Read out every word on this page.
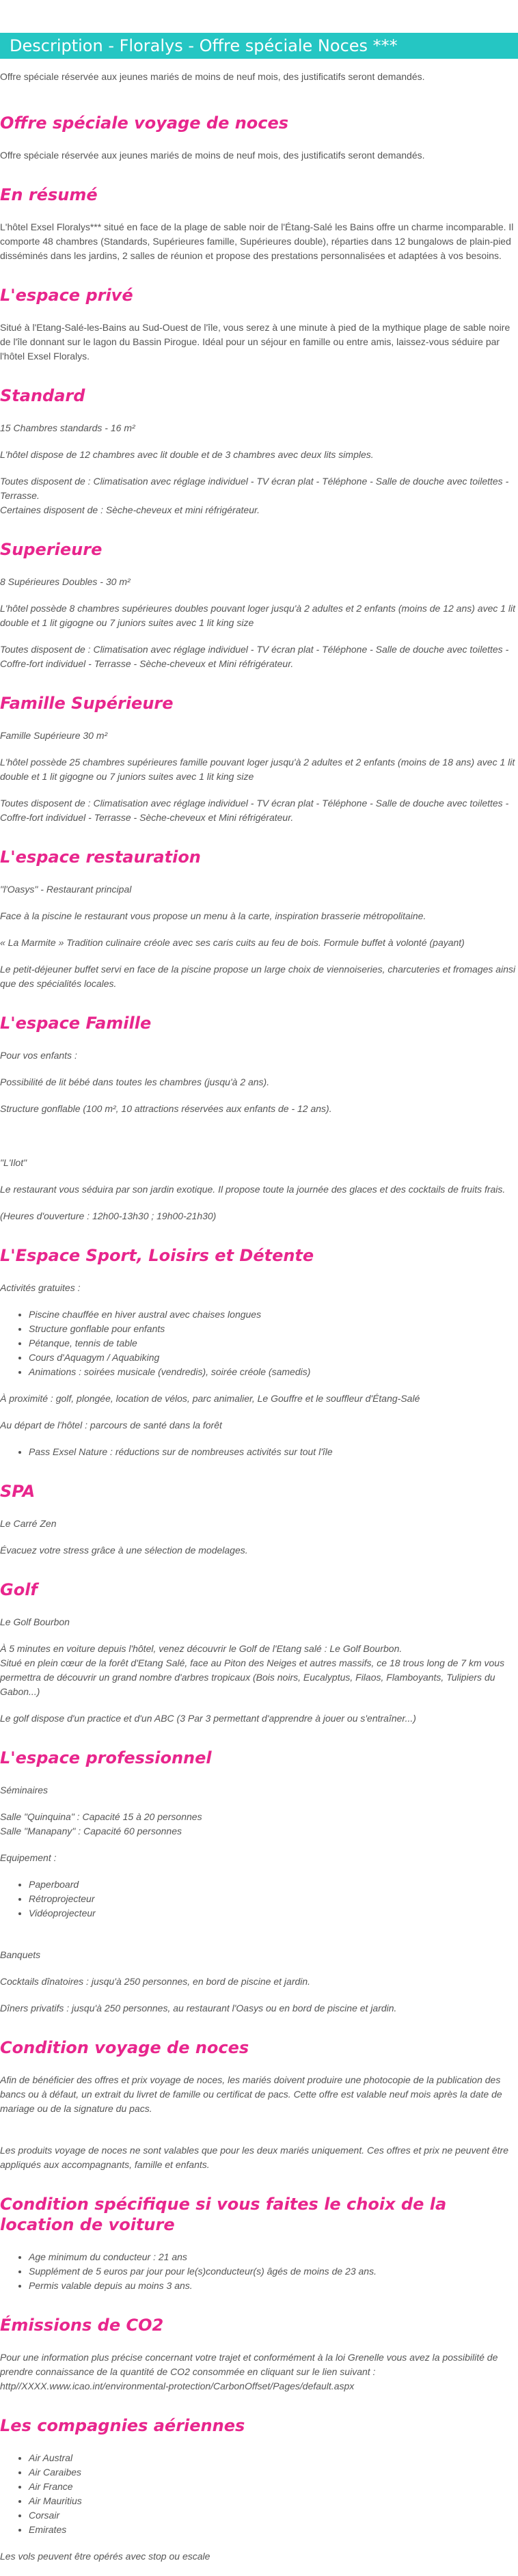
Description - Floralys - Offre spéciale Noces ***

Offre spéciale réservée aux jeunes mariés de moins de neuf mois, des justificatifs seront demandés.

Offre spéciale voyage de noces

Offre spéciale réservée aux jeunes mariés de moins de neuf mois, des justificatifs seront demandés.

En résumé

L'hôtel Exsel Floralys*** situé en face de la plage de sable noir de l'Étang-Salé les Bains offre un charme incomparable. Il comporte 48 chambres (Standards, Supérieures famille, Supérieures double), réparties dans 12 bungalows de plain-pied disséminés dans les jardins, 2 salles de réunion et propose des prestations personnalisées et adaptées à vos besoins.

L'espace privé

Situé à l'Etang-Salé-les-Bains au Sud-Ouest de l'île, vous serez à une minute à pied de la mythique plage de sable noire de l'île donnant sur le lagon du Bassin Pirogue. Idéal pour un séjour en famille ou entre amis, laissez-vous séduire par l'hôtel Exsel Floralys.

Standard

15 Chambres standards - 16 m²

L'hôtel dispose de 12 chambres avec lit double et de 3 chambres avec deux lits simples.

Toutes disposent de : Climatisation avec réglage individuel - TV écran plat - Téléphone - Salle de douche avec toilettes - Terrasse.

Certaines disposent de : Sèche-cheveux et mini réfrigérateur.

Superieure

8 Supérieures Doubles - 30 m²

L'hôtel possède 8 chambres supérieures doubles pouvant loger jusqu'à 2 adultes et 2 enfants (moins de 12 ans) avec 1 lit double et 1 lit gigogne ou 7 juniors suites avec 1 lit king size

Toutes disposent de : Climatisation avec réglage individuel - TV écran plat - Téléphone - Salle de douche avec toilettes - Coffre-fort individuel - Terrasse - Sèche-cheveux et Mini réfrigérateur.

Famille Supérieure

Famille Supérieure 30 m²

L'hôtel possède 25 chambres supérieures famille pouvant loger jusqu'à 2 adultes et 2 enfants (moins de 18 ans) avec 1 lit double et 1 lit gigogne ou 7 juniors suites avec 1 lit king size

Toutes disposent de : Climatisation avec réglage individuel - TV écran plat - Téléphone - Salle de douche avec toilettes - Coffre-fort individuel - Terrasse - Sèche-cheveux et Mini réfrigérateur.

L'espace restauration

"l'Oasys" - Restaurant principal

Face à la piscine le restaurant vous propose un menu à la carte, inspiration brasserie métropolitaine.

« La Marmite » Tradition culinaire créole avec ses caris cuits au feu de bois. Formule buffet à volonté (payant)

Le petit-déjeuner buffet servi en face de la piscine propose un large choix de viennoiseries, charcuteries et fromages ainsi que des spécialités locales.

L'espace Famille

Pour vos enfants :

Possibilité de lit bébé dans toutes les chambres (jusqu'à 2 ans).

Structure gonflable (100 m², 10 attractions réservées aux enfants de - 12 ans).

"L'Ilot"

Le restaurant vous séduira par son jardin exotique. Il propose toute la journée des glaces et des cocktails de fruits frais.

(Heures d'ouverture : 12h00-13h30 ; 19h00-21h30)

L'Espace Sport, Loisirs et Détente

Activités gratuites :

• Piscine chauffée en hiver austral avec chaises longues
• Structure gonflable pour enfants
• Pétanque, tennis de table
• Cours d'Aquagym / Aquabiking
• Animations : soirées musicale (vendredis), soirée créole (samedis)

À proximité : golf, plongée, location de vélos, parc animalier, Le Gouffre et le souffleur d'Étang-Salé

Au départ de l'hôtel : parcours de santé dans la forêt

• Pass Exsel Nature : réductions sur de nombreuses activités sur tout l'île
SPA

Le Carré Zen

Évacuez votre stress grâce à une sélection de modelages.

Golf

Le Golf Bourbon

À 5 minutes en voiture depuis l'hôtel, venez découvrir le Golf de l'Etang salé : Le Golf Bourbon.

Situé en plein cœur de la forêt d'Etang Salé, face au Piton des Neiges et autres massifs, ce 18 trous long de 7 km vous permettra de découvrir un grand nombre d'arbres tropicaux (Bois noirs, Eucalyptus, Filaos, Flamboyants, Tulipiers du Gabon...)

Le golf dispose d'un practice et d'un ABC (3 Par 3 permettant d'apprendre à jouer ou s'entraîner...)

L'espace professionnel

Séminaires

Salle "Quinquina" : Capacité 15 à 20 personnes

Salle "Manapany" : Capacité 60 personnes

Equipement :

• Paperboard
• Rétroprojecteur
• Vidéoprojecteur

Banquets

Cocktails dînatoires : jusqu'à 250 personnes, en bord de piscine et jardin.

Dîners privatifs : jusqu'à 250 personnes, au restaurant l'Oasys ou en bord de piscine et jardin.

Condition voyage de noces

Afin de bénéficier des offres et prix voyage de noces, les mariés doivent produire une photocopie de la publication des bancs ou à défaut, un extrait du livret de famille ou certificat de pacs. Cette offre est valable neuf mois après la date de mariage ou de la signature du pacs.

Les produits voyage de noces ne sont valables que pour les deux mariés uniquement. Ces offres et prix ne peuvent être appliqués aux accompagnants, famille et enfants.

Condition spécifique si vous faites le choix de la location de voiture
• Age minimum du conducteur : 21 ans
• Supplément de 5 euros par jour pour le(s)conducteur(s) âgés de moins de 23 ans.
• Permis valable depuis au moins 3 ans.
Émissions de CO2

Pour une information plus précise concernant votre trajet et conformément à la loi Grenelle vous avez la possibilité de prendre connaissance de la quantité de CO2 consommée en cliquant sur le lien suivant : http//XXXX.www.icao.int/environmental-protection/CarbonOffset/Pages/default.aspx

Les compagnies aériennes
• Air Austral
• Air Caraibes
• Air France
• Air Mauritius
• Corsair
• Emirates

Les vols peuvent être opérés avec stop ou escale
